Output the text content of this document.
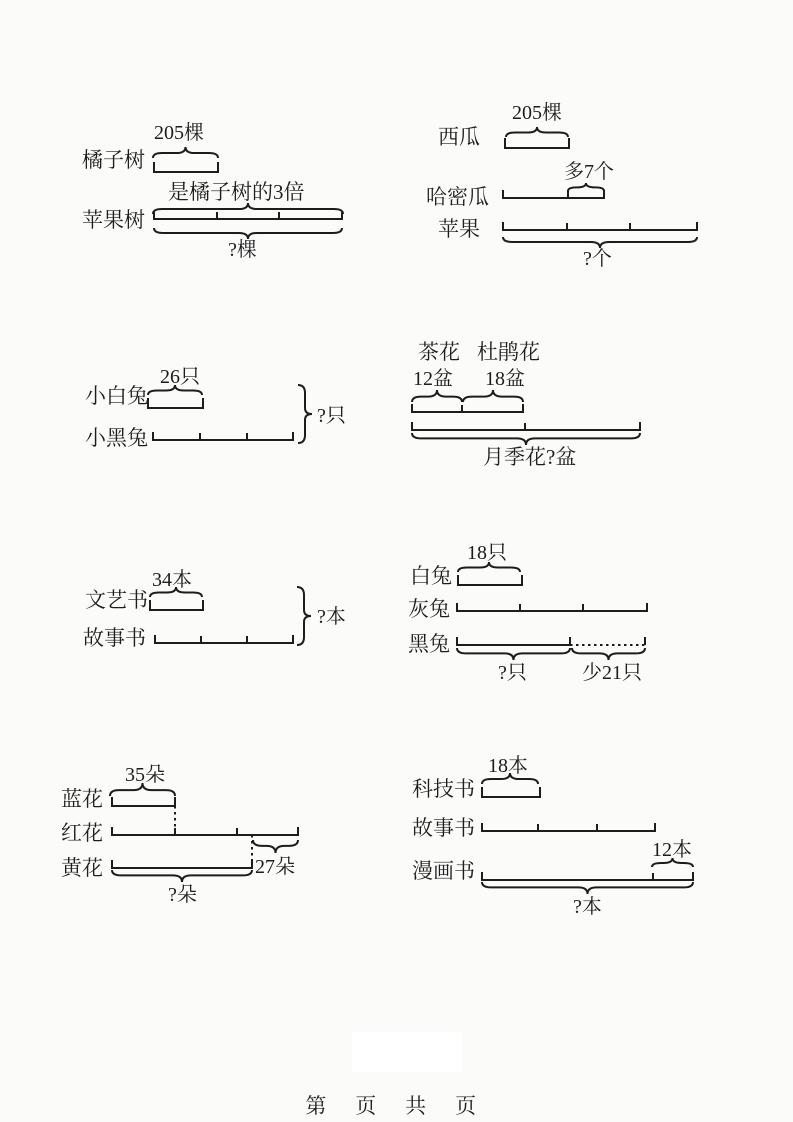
205棵
橘子树
是橘子树的3倍
苹果树
?棵
205棵
西瓜
多7个
哈密瓜
苹果
?个
26只
小白兔
小黑兔
?只
茶花 杜鹃花
12盆 18盆
月季花?盆
34本
文艺书
故事书
?本
18只
白兔
灰兔
黑兔
?只	少21只
35朵
蓝花
红花
27朵
黄花
?朵
18本
科技书
故事书
12本
漫画书
?本
第 页 共 页
